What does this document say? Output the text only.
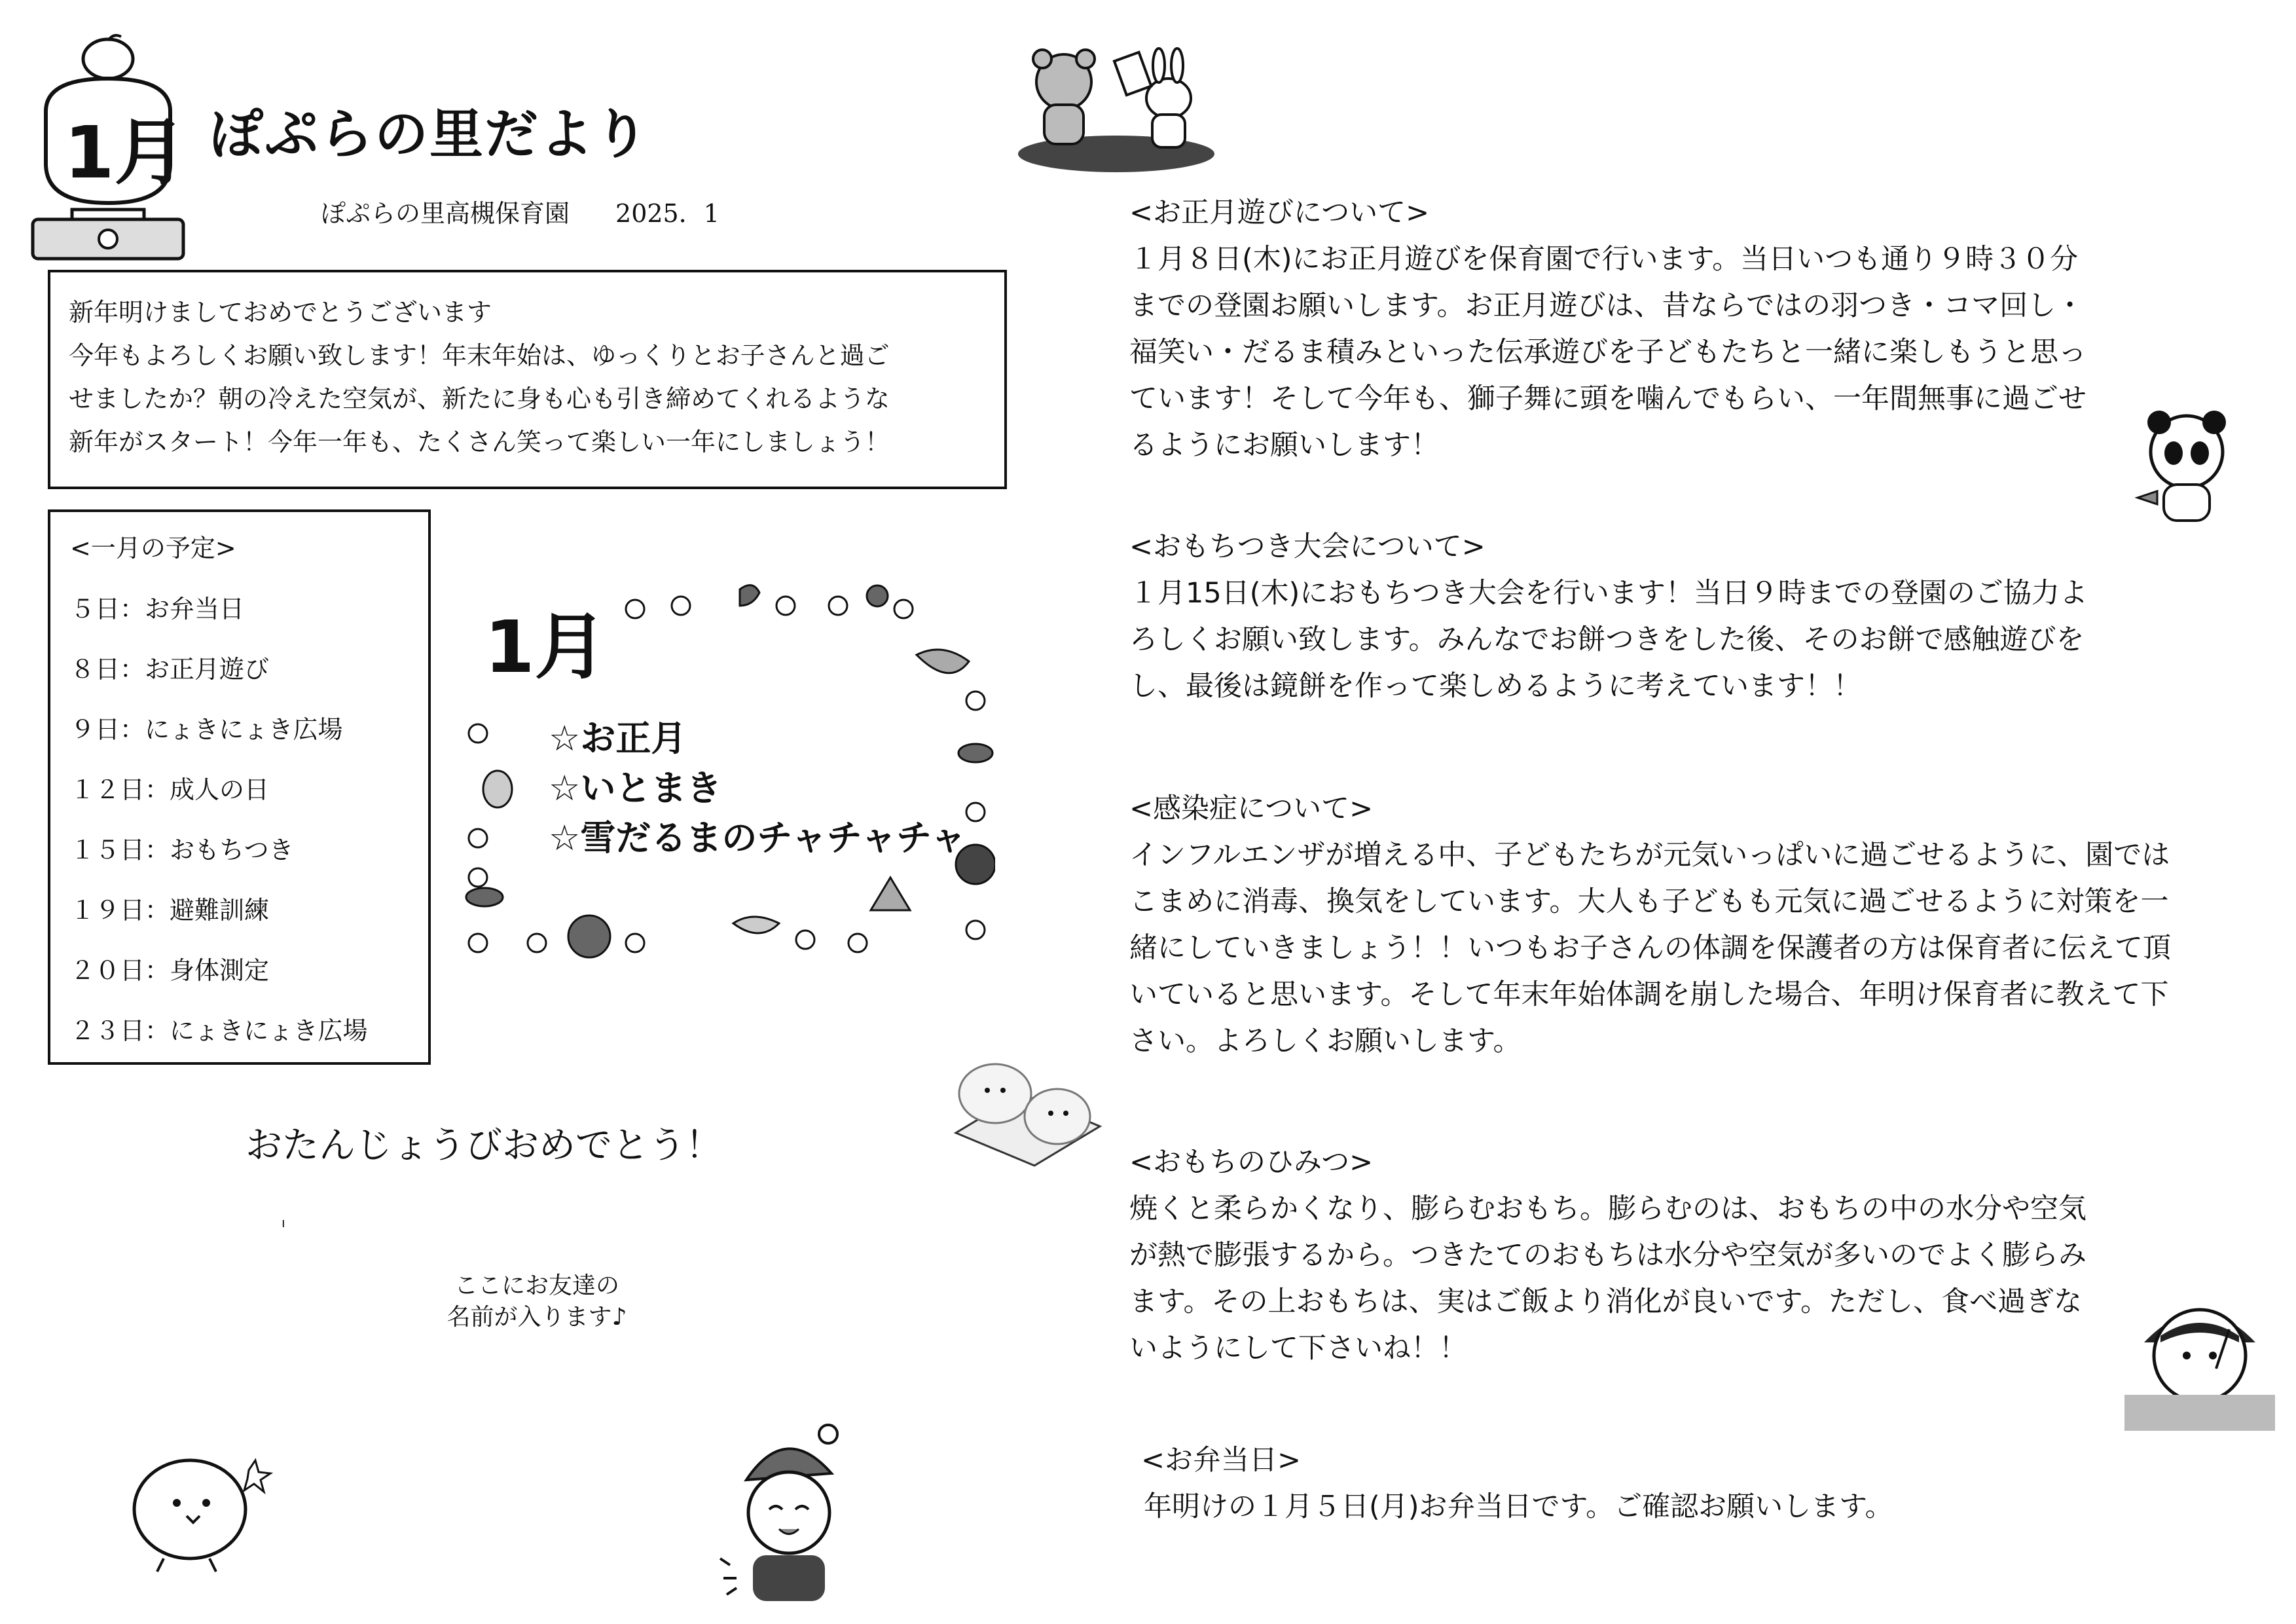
1月 ぽぷらの里だより
ぽぷらの里高槻保育園 2025．1
新年明けましておめでとうございます
今年もよろしくお願い致します！年末年始は、ゆっくりとお子さんと過ご
せましたか？朝の冷えた空気が、新たに身も心も引き締めてくれるような
新年がスタート！今年一年も、たくさん笑って楽しい一年にしましょう！
<一月の予定>
５日：お弁当日
８日：お正月遊び
９日：にょきにょき広場
１２日：成人の日
１５日：おもちつき
１９日：避難訓練
２０日：身体測定
２３日：にょきにょき広場
1月
☆お正月
☆いとまき
☆雪だるまのチャチャチャ
おたんじょうびおめでとう！
ı
ここにお友達の
名前が入ります♪
<お正月遊びについて>
１月８日(木)にお正月遊びを保育園で行います。当日いつも通り９時３０分
までの登園お願いします。お正月遊びは、昔ならではの羽つき・コマ回し・
福笑い・だるま積みといった伝承遊びを子どもたちと一緒に楽しもうと思っ
ています！そして今年も、獅子舞に頭を噛んでもらい、一年間無事に過ごせ
るようにお願いします！
<おもちつき大会について>
１月15日(木)におもちつき大会を行います！当日９時までの登園のご協力よ
ろしくお願い致します。みんなでお餅つきをした後、そのお餅で感触遊びを
し、最後は鏡餅を作って楽しめるように考えています！！
<感染症について>
インフルエンザが増える中、子どもたちが元気いっぱいに過ごせるように、園では
こまめに消毒、換気をしています。大人も子どもも元気に過ごせるように対策を一
緒にしていきましょう！！いつもお子さんの体調を保護者の方は保育者に伝えて頂
いていると思います。そして年末年始体調を崩した場合、年明け保育者に教えて下
さい。よろしくお願いします。
<おもちのひみつ>
焼くと柔らかくなり、膨らむおもち。膨らむのは、おもちの中の水分や空気
が熱で膨張するから。つきたてのおもちは水分や空気が多いのでよく膨らみ
ます。その上おもちは、実はご飯より消化が良いです。ただし、食べ過ぎな
いようにして下さいね！！
<お弁当日>
年明けの１月５日(月)お弁当日です。ご確認お願いします。
